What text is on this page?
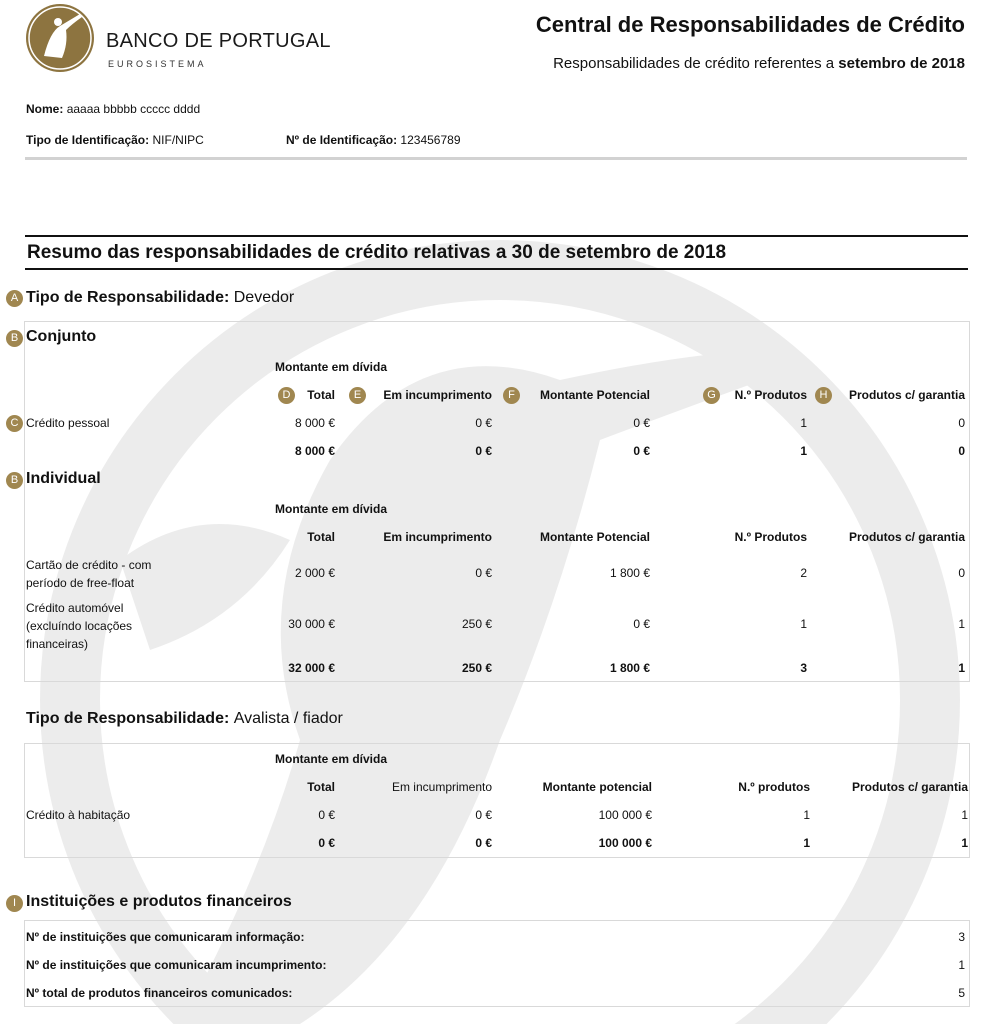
BANCO DE PORTUGAL
EUROSISTEMA
Central de Responsabilidades de Crédito
Responsabilidades de crédito referentes a setembro de 2018
Nome: aaaaa bbbbb ccccc dddd
Tipo de Identificação: NIF/NIPC	Nº de Identificação: 123456789
Resumo das responsabilidades de crédito relativas a 30 de setembro de 2018
A Tipo de Responsabilidade: Devedor
B Conjunto
Montante em dívida
D	Total	E	Em incumprimento	F	Montante Potencial	G	N.º Produtos	H	Produtos c/ garantia
C Crédito pessoal	8 000 €	0 €	0 €	1	0
8 000 €	0 €	0 €	1	0
B Individual
Montante em dívida
Total	Em incumprimento	Montante Potencial	N.º Produtos	Produtos c/ garantia
Cartão de crédito - com
período de free-float
2 000 €	0 €	1 800 €	2	0
Crédito automóvel
(excluíndo locações
financeiras)
30 000 €	250 €	0 €	1	1
32 000 €	250 €	1 800 €	3	1
Tipo de Responsabilidade: Avalista / fiador
Montante em dívida
Total	Em incumprimento	Montante potencial	N.º produtos	Produtos c/ garantia
Crédito à habitação	0 €	0 €	100 000 €	1	1
0 €	0 €	100 000 €	1	1
I Instituições e produtos financeiros
Nº de instituições que comunicaram informação:	3
Nº de instituições que comunicaram incumprimento:	1
Nº total de produtos financeiros comunicados:	5
